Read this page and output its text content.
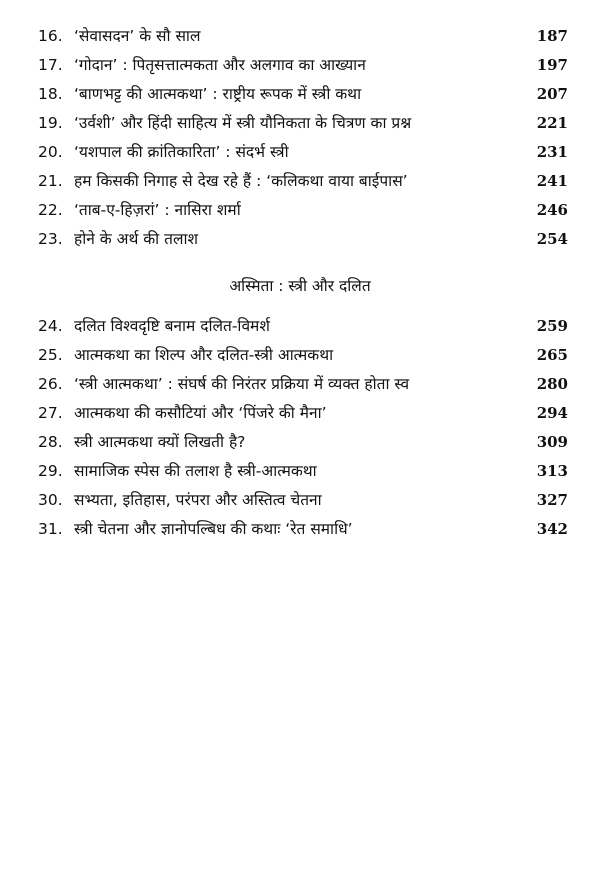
16. ‘सेवासदन’ के सौ साल	187
17. ‘गोदान’ : पितृसत्तात्मकता और अलगाव का आख्यान	197
18. ‘बाणभट्ट की आत्मकथा’ : राष्ट्रीय रूपक में स्त्री कथा	207
19. ‘उर्वशी’ और हिंदी साहित्य में स्त्री यौनिकता के चित्रण का प्रश्न	221
20. ‘यशपाल की क्रांतिकारिता’ : संदर्भ स्त्री	231
21. हम किसकी निगाह से देख रहे हैं : ‘कलिकथा वाया बाईपास’	241
22. ‘ताब-ए-हिज़रां’ : नासिरा शर्मा	246
23. होने के अर्थ की तलाश	254
अस्मिता : स्त्री और दलित
24. दलित विश्वदृष्टि बनाम दलित-विमर्श	259
25. आत्मकथा का शिल्प और दलित-स्त्री आत्मकथा	265
26. ‘स्त्री आत्मकथा’ : संघर्ष की निरंतर प्रक्रिया में व्यक्त होता स्व	280
27. आत्मकथा की कसौटियां और ‘पिंजरे की मैना’	294
28. स्त्री आत्मकथा क्यों लिखती है?	309
29. सामाजिक स्पेस की तलाश है स्त्री-आत्मकथा	313
30. सभ्यता, इतिहास, परंपरा और अस्तित्व चेतना	327
31. स्त्री चेतना और ज्ञानोपल्बिध की कथाः ‘रेत समाधि’	342
